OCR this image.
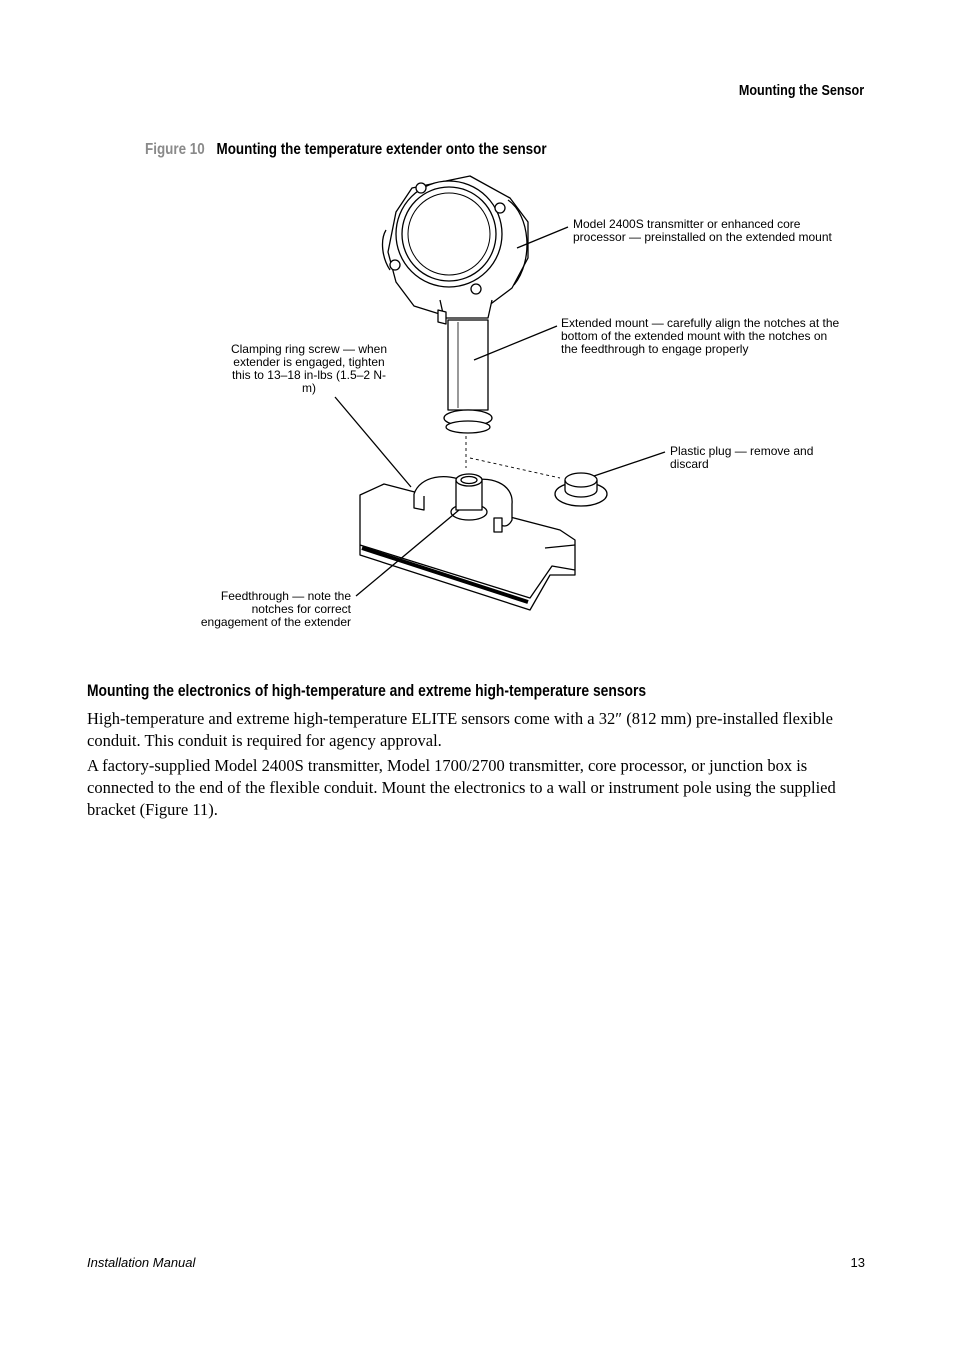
Mounting the Sensor
Figure 10 Mounting the temperature extender onto the sensor
Model 2400S transmitter or enhanced core processor — preinstalled on the extended mount
Extended mount — carefully align the notches at the bottom of the extended mount with the notches on the feedthrough to engage properly
Clamping ring screw — when extender is engaged, tighten this to 13–18 in-lbs (1.5–2 N-m)
Plastic plug — remove and discard
Feedthrough — note the notches for correct engagement of the extender
Mounting the electronics of high-temperature and extreme high-temperature sensors

High-temperature and extreme high-temperature ELITE sensors come with a 32″ (812 mm) pre-installed flexible conduit. This conduit is required for agency approval.

A factory-supplied Model 2400S transmitter, Model 1700/2700 transmitter, core processor, or junction box is connected to the end of the flexible conduit. Mount the electronics to a wall or instrument pole using the supplied bracket (Figure 11).

Installation Manual	13
